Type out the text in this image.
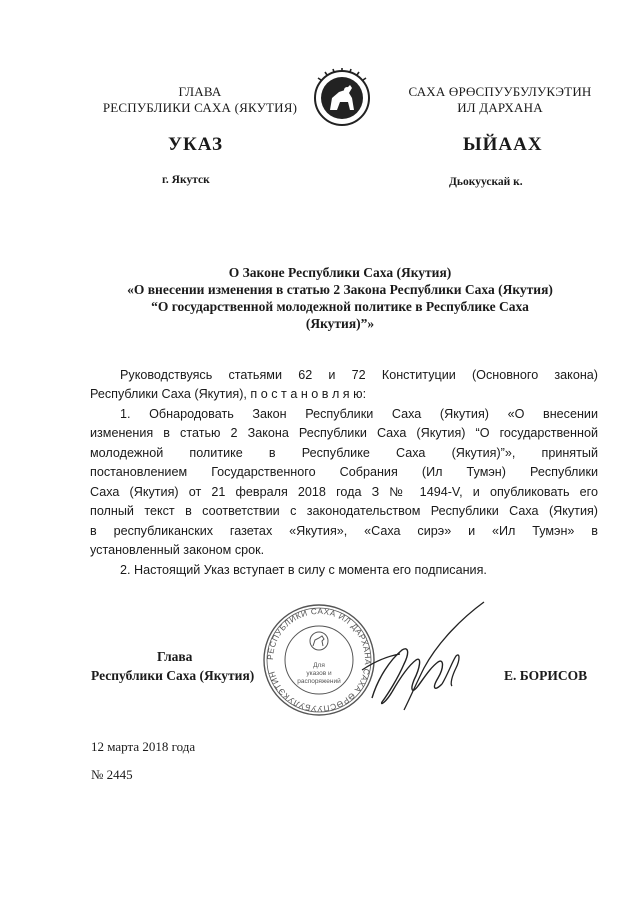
ГЛАВА
РЕСПУБЛИКИ САХА (ЯКУТИЯ)
САХА ӨРӨСПУУБУЛУКЭТИН
ИЛ ДАРХАНА
УКАЗ	ЫЙААХ
г. Якутск	Дьокуускай к.
О Законе Республики Саха (Якутия)
«О внесении изменения в статью 2 Закона Республики Саха (Якутия)
“О государственной молодежной политике в Республике Саха
(Якутия)”»
Руководствуясь статьями 62 и 72 Конституции (Основного закона)
Республики Саха (Якутия), п о с т а н о в л я ю:
1. Обнародовать Закон Республики Саха (Якутия) «О внесении
изменения в статью 2 Закона Республики Саха (Якутия) “О государственной
молодежной политике в Республике Саха (Якутия)”», принятый
постановлением Государственного Собрания (Ил Тумэн) Республики
Саха (Якутия) от 21 февраля 2018 года З № 1494-V, и опубликовать его
полный текст в соответствии с законодательством Республики Саха (Якутия)
в республиканских газетах «Якутия», «Саха сирэ» и «Ил Тумэн» в
установленный законом срок.
2. Настоящий Указ вступает в силу с момента его подписания.
РЕСПУБЛИКИ САХА ИЛ ДАРХАНА САХА ӨРӨСПУУБУЛУКЭТИН
Для
указов и
распоряжений
Глава
Республики Саха (Якутия)	Е. БОРИСОВ
12 марта 2018 года
№ 2445
